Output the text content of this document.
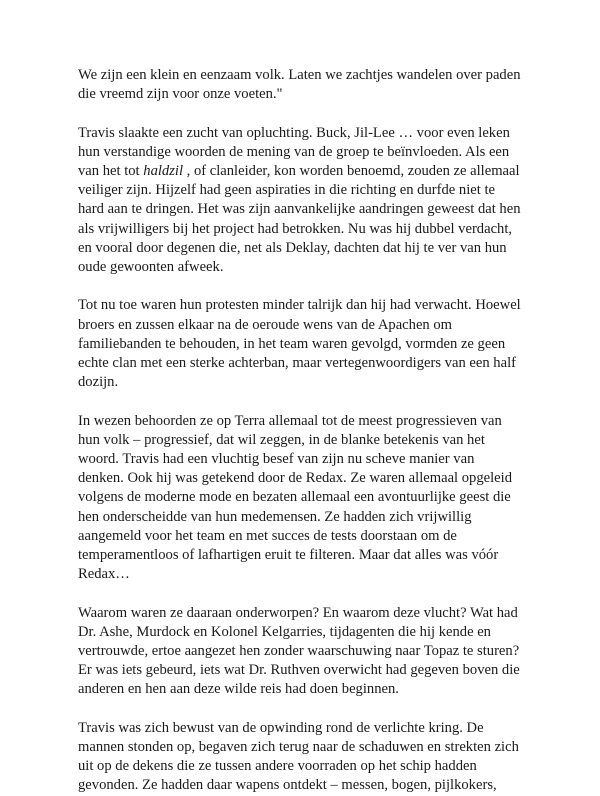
We zijn een klein en eenzaam volk. Laten we zachtjes wandelen over paden
die vreemd zijn voor onze voeten."

Travis slaakte een zucht van opluchting. Buck, Jil-Lee … voor even leken
hun verstandige woorden de mening van de groep te beïnvloeden. Als een
van het tot haldzil , of clanleider, kon worden benoemd, zouden ze allemaal
veiliger zijn. Hijzelf had geen aspiraties in die richting en durfde niet te
hard aan te dringen. Het was zijn aanvankelijke aandringen geweest dat hen
als vrijwilligers bij het project had betrokken. Nu was hij dubbel verdacht,
en vooral door degenen die, net als Deklay, dachten dat hij te ver van hun
oude gewoonten afweek.

Tot nu toe waren hun protesten minder talrijk dan hij had verwacht. Hoewel
broers en zussen elkaar na de oeroude wens van de Apachen om
familiebanden te behouden, in het team waren gevolgd, vormden ze geen
echte clan met een sterke achterban, maar vertegenwoordigers van een half
dozijn.

In wezen behoorden ze op Terra allemaal tot de meest progressieven van
hun volk – progressief, dat wil zeggen, in de blanke betekenis van het
woord. Travis had een vluchtig besef van zijn nu scheve manier van
denken. Ook hij was getekend door de Redax. Ze waren allemaal opgeleid
volgens de moderne mode en bezaten allemaal een avontuurlijke geest die
hen onderscheidde van hun medemensen. Ze hadden zich vrijwillig
aangemeld voor het team en met succes de tests doorstaan om de
temperamentloos of lafhartigen eruit te filteren. Maar dat alles was vóór
Redax…

Waarom waren ze daaraan onderworpen? En waarom deze vlucht? Wat had
Dr. Ashe, Murdock en Kolonel Kelgarries, tijdagenten die hij kende en
vertrouwde, ertoe aangezet hen zonder waarschuwing naar Topaz te sturen?
Er was iets gebeurd, iets wat Dr. Ruthven overwicht had gegeven boven die
anderen en hen aan deze wilde reis had doen beginnen.

Travis was zich bewust van de opwinding rond de verlichte kring. De
mannen stonden op, begaven zich terug naar de schaduwen en strekten zich
uit op de dekens die ze tussen andere voorraden op het schip hadden
gevonden. Ze hadden daar wapens ontdekt – messen, bogen, pijlkokers,
